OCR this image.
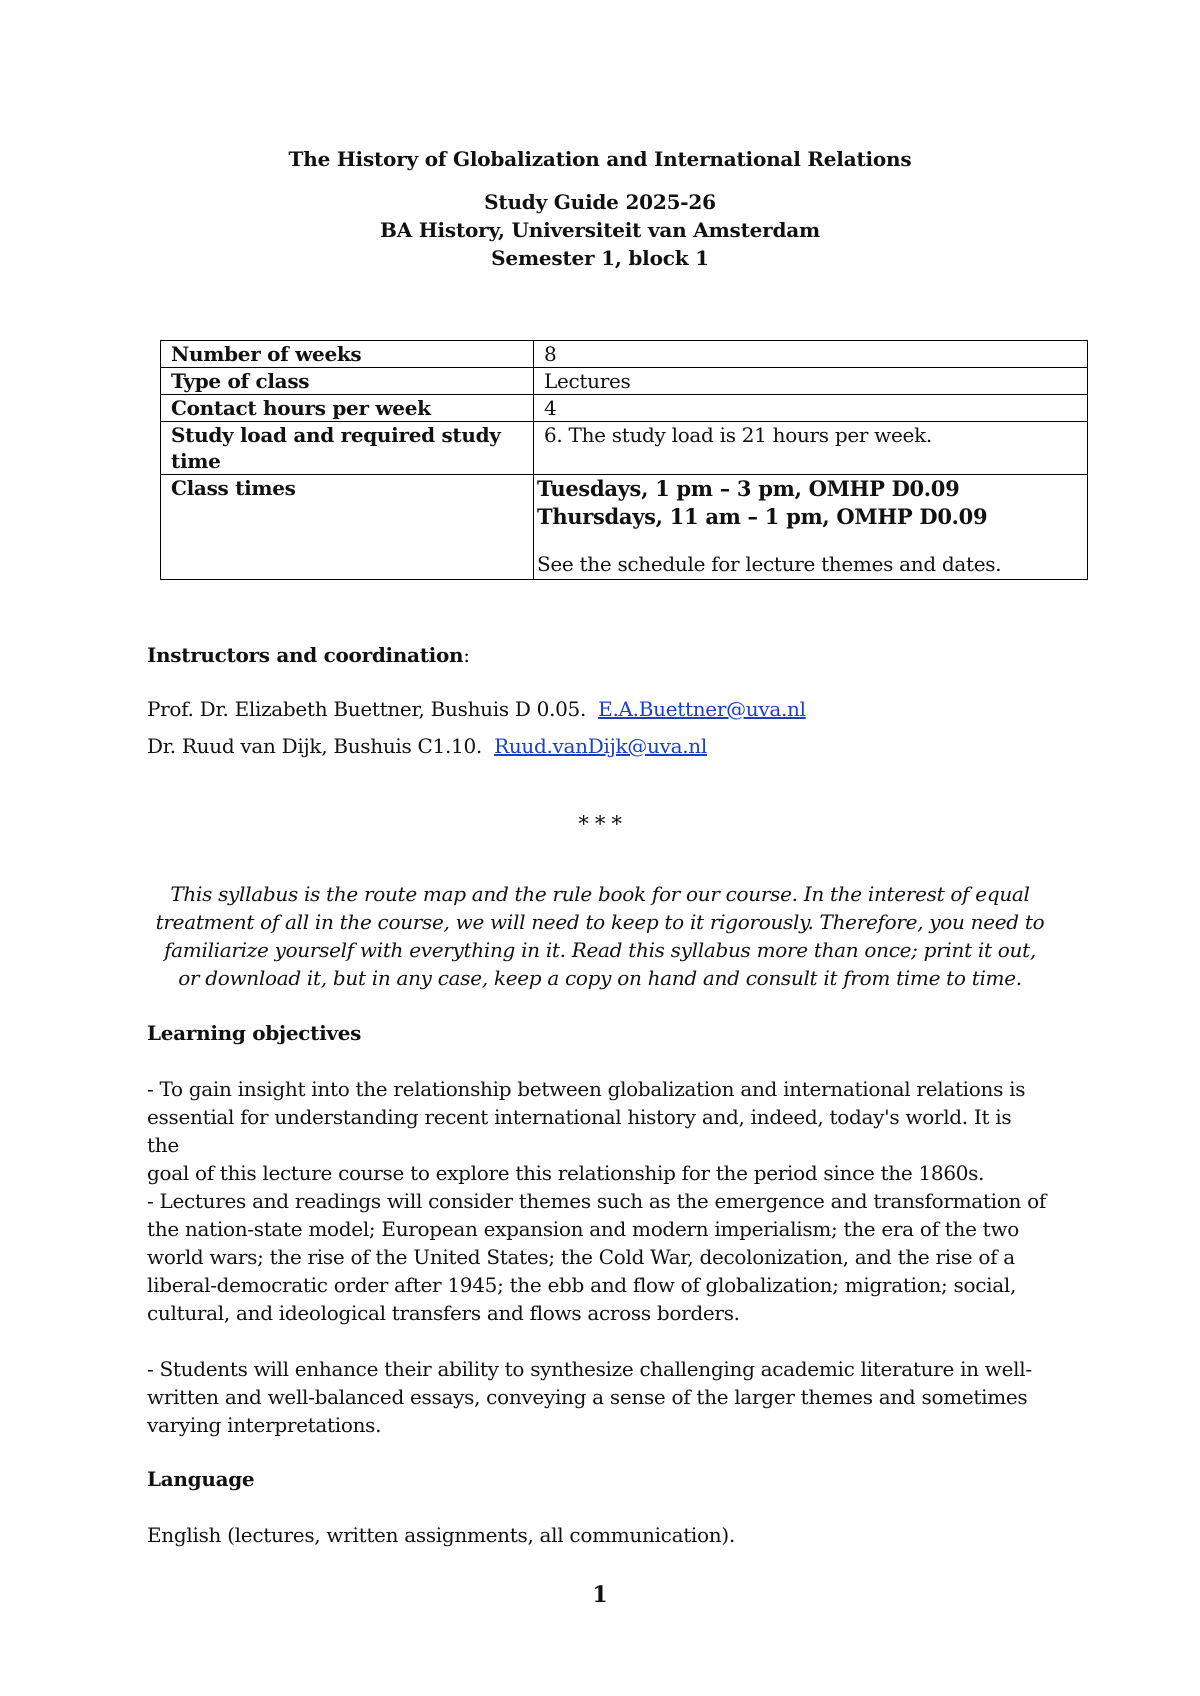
The History of Globalization and International Relations
Study Guide 2025-26
BA History, Universiteit van Amsterdam
Semester 1, block 1
Number of weeks	8
Type of class	Lectures
Contact hours per week	4
Study load and required study time	6. The study load is 21 hours per week.
Class times	Tuesdays, 1 pm – 3 pm, OMHP D0.09
Thursdays, 11 am – 1 pm, OMHP D0.09
See the schedule for lecture themes and dates.
Instructors and coordination:
Prof. Dr. Elizabeth Buettner, Bushuis D 0.05. E.A.Buettner@uva.nl
Dr. Ruud van Dijk, Bushuis C1.10. Ruud.vanDijk@uva.nl
* * *
This syllabus is the route map and the rule book for our course. In the interest of equal
treatment of all in the course, we will need to keep to it rigorously. Therefore, you need to
familiarize yourself with everything in it. Read this syllabus more than once; print it out,
or download it, but in any case, keep a copy on hand and consult it from time to time.
Learning objectives
- To gain insight into the relationship between globalization and international relations is
essential for understanding recent international history and, indeed, today's world. It is the
goal of this lecture course to explore this relationship for the period since the 1860s.
- Lectures and readings will consider themes such as the emergence and transformation of
the nation-state model; European expansion and modern imperialism; the era of the two
world wars; the rise of the United States; the Cold War, decolonization, and the rise of a
liberal-democratic order after 1945; the ebb and flow of globalization; migration; social,
cultural, and ideological transfers and flows across borders.
- Students will enhance their ability to synthesize challenging academic literature in well-
written and well-balanced essays, conveying a sense of the larger themes and sometimes
varying interpretations.
Language
English (lectures, written assignments, all communication).
1
